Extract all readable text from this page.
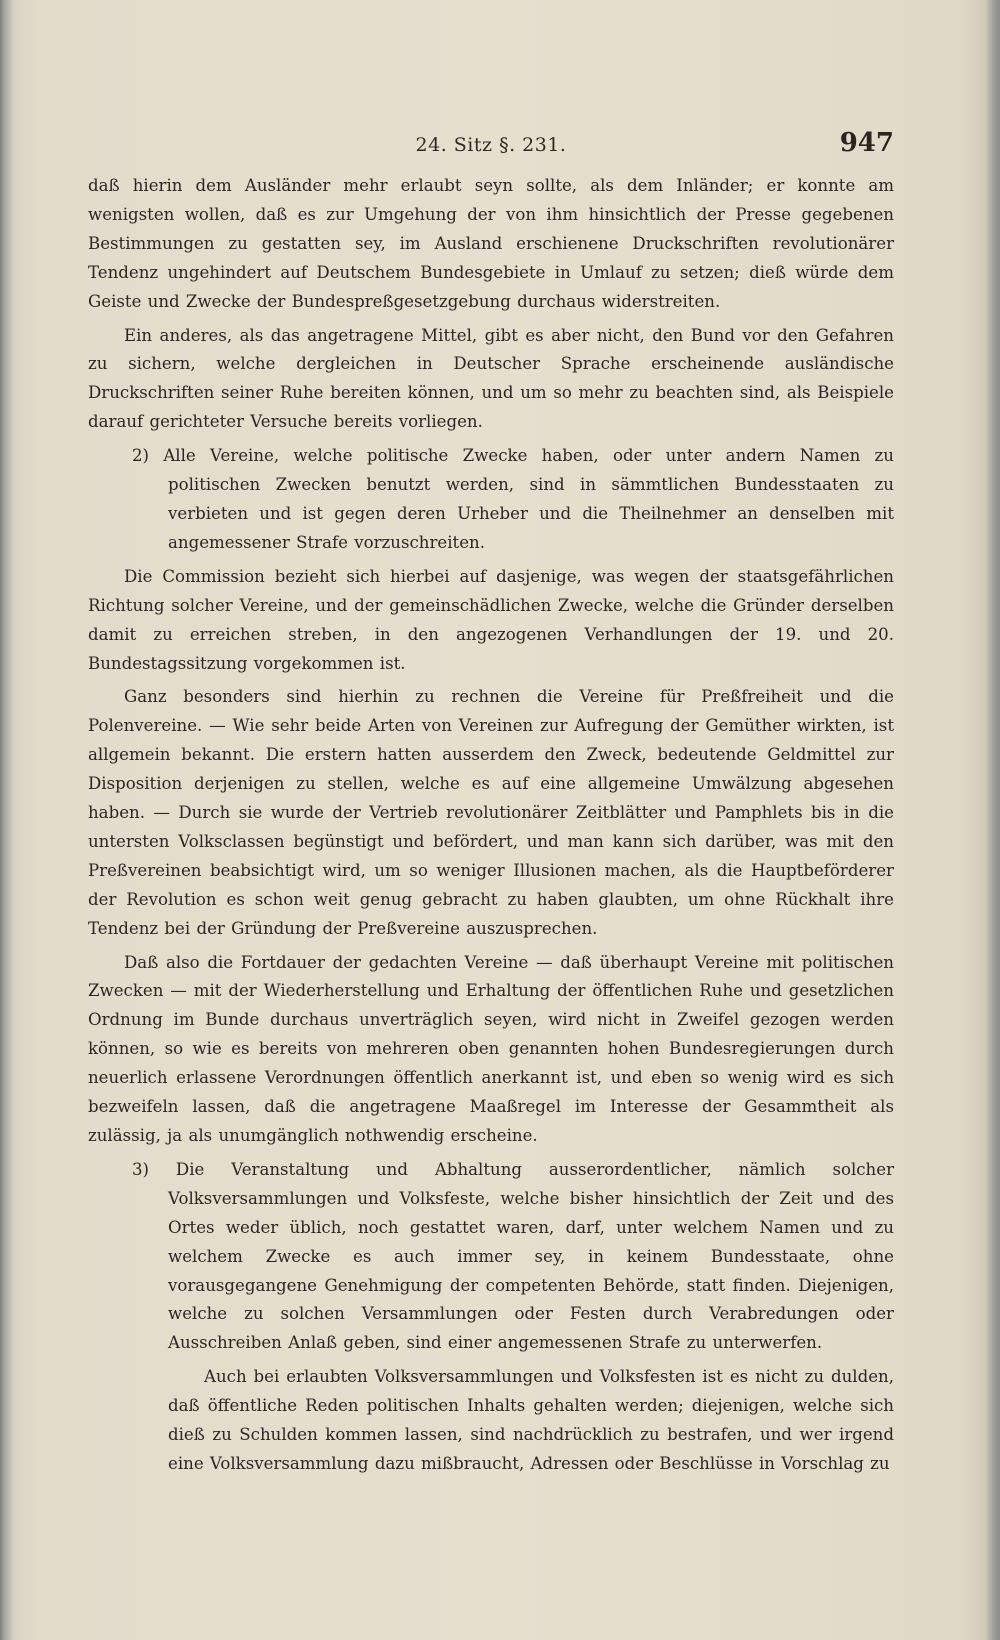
24. Sitz §. 231.	947

daß hierin dem Ausländer mehr erlaubt seyn sollte, als dem Inländer; er konnte am wenigsten wollen, daß es zur Umgehung der von ihm hinsichtlich der Presse gegebenen Bestimmungen zu gestatten sey, im Ausland erschienene Druckschriften revolutionärer Tendenz ungehindert auf Deutschem Bundesgebiete in Umlauf zu setzen; dieß würde dem Geiste und Zwecke der Bundespreßgesetzgebung durchaus widerstreiten.

Ein anderes, als das angetragene Mittel, gibt es aber nicht, den Bund vor den Gefahren zu sichern, welche dergleichen in Deutscher Sprache erscheinende ausländische Druckschriften seiner Ruhe bereiten können, und um so mehr zu beachten sind, als Beispiele darauf gerichteter Versuche bereits vorliegen.

2) Alle Vereine, welche politische Zwecke haben, oder unter andern Namen zu politischen Zwecken benutzt werden, sind in sämmtlichen Bundesstaaten zu verbieten und ist gegen deren Urheber und die Theilnehmer an denselben mit angemessener Strafe vorzuschreiten.

Die Commission bezieht sich hierbei auf dasjenige, was wegen der staatsgefährlichen Richtung solcher Vereine, und der gemeinschädlichen Zwecke, welche die Gründer derselben damit zu erreichen streben, in den angezogenen Verhandlungen der 19. und 20. Bundestagssitzung vorgekommen ist.

Ganz besonders sind hierhin zu rechnen die Vereine für Preßfreiheit und die Polenvereine. — Wie sehr beide Arten von Vereinen zur Aufregung der Gemüther wirkten, ist allgemein bekannt. Die erstern hatten ausserdem den Zweck, bedeutende Geldmittel zur Disposition derjenigen zu stellen, welche es auf eine allgemeine Umwälzung abgesehen haben. — Durch sie wurde der Vertrieb revolutionärer Zeitblätter und Pamphlets bis in die untersten Volksclassen begünstigt und befördert, und man kann sich darüber, was mit den Preßvereinen beabsichtigt wird, um so weniger Illusionen machen, als die Hauptbeförderer der Revolution es schon weit genug gebracht zu haben glaubten, um ohne Rückhalt ihre Tendenz bei der Gründung der Preßvereine auszusprechen.

Daß also die Fortdauer der gedachten Vereine — daß überhaupt Vereine mit politischen Zwecken — mit der Wiederherstellung und Erhaltung der öffentlichen Ruhe und gesetzlichen Ordnung im Bunde durchaus unverträglich seyen, wird nicht in Zweifel gezogen werden können, so wie es bereits von mehreren oben genannten hohen Bundesregierungen durch neuerlich erlassene Verordnungen öffentlich anerkannt ist, und eben so wenig wird es sich bezweifeln lassen, daß die angetragene Maaßregel im Interesse der Gesammtheit als zulässig, ja als unumgänglich nothwendig erscheine.

3) Die Veranstaltung und Abhaltung ausserordentlicher, nämlich solcher Volksversammlungen und Volksfeste, welche bisher hinsichtlich der Zeit und des Ortes weder üblich, noch gestattet waren, darf, unter welchem Namen und zu welchem Zwecke es auch immer sey, in keinem Bundesstaate, ohne vorausgegangene Genehmigung der competenten Behörde, statt finden. Diejenigen, welche zu solchen Versammlungen oder Festen durch Verabredungen oder Ausschreiben Anlaß geben, sind einer angemessenen Strafe zu unterwerfen.

Auch bei erlaubten Volksversammlungen und Volksfesten ist es nicht zu dulden, daß öffentliche Reden politischen Inhalts gehalten werden; diejenigen, welche sich dieß zu Schulden kommen lassen, sind nachdrücklich zu bestrafen, und wer irgend eine Volksversammlung dazu mißbraucht, Adressen oder Beschlüsse in Vorschlag zu
